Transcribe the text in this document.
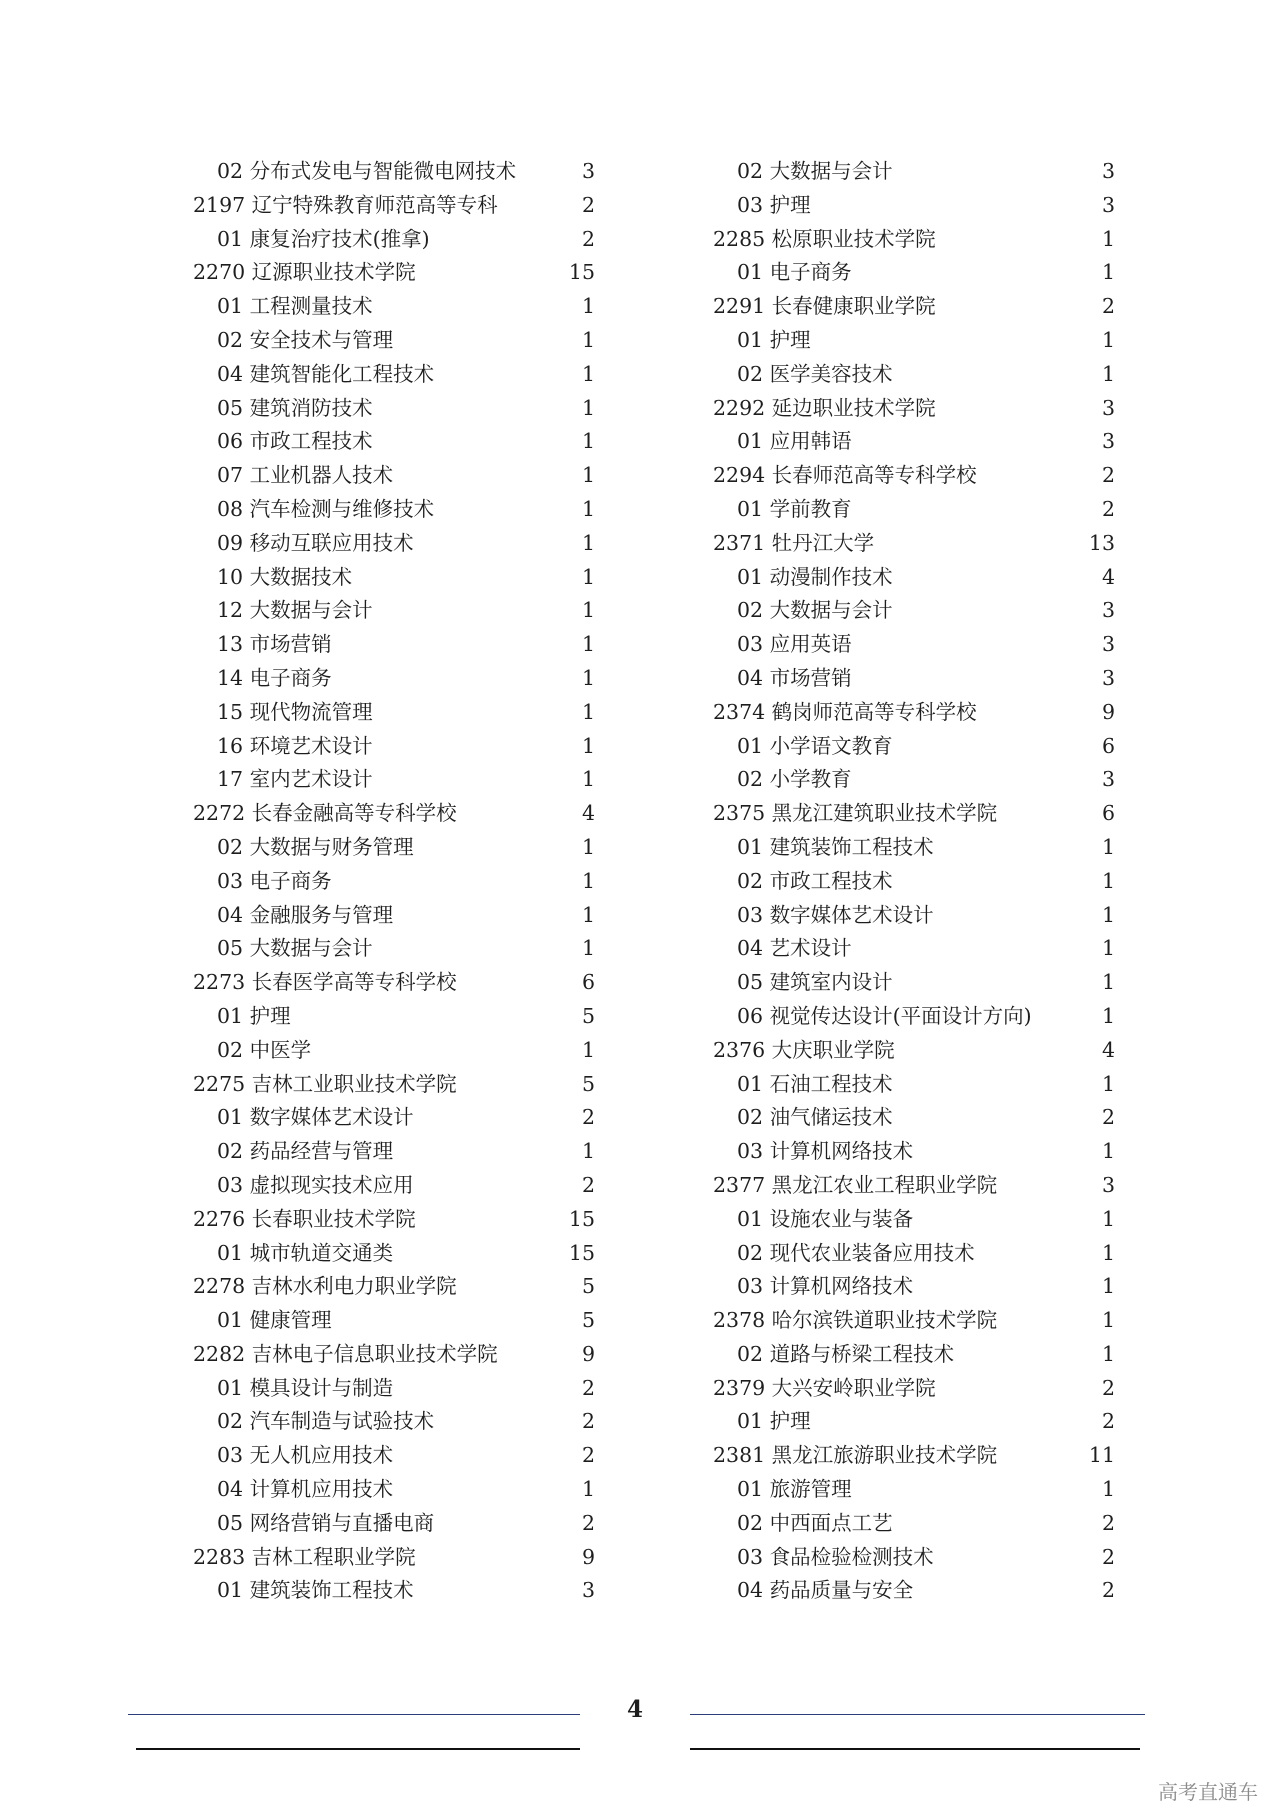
02 分布式发电与智能微电网技术	3
2197 辽宁特殊教育师范高等专科	2
01 康复治疗技术(推拿)	2
2270 辽源职业技术学院	15
01 工程测量技术	1
02 安全技术与管理	1
04 建筑智能化工程技术	1
05 建筑消防技术	1
06 市政工程技术	1
07 工业机器人技术	1
08 汽车检测与维修技术	1
09 移动互联应用技术	1
10 大数据技术	1
12 大数据与会计	1
13 市场营销	1
14 电子商务	1
15 现代物流管理	1
16 环境艺术设计	1
17 室内艺术设计	1
2272 长春金融高等专科学校	4
02 大数据与财务管理	1
03 电子商务	1
04 金融服务与管理	1
05 大数据与会计	1
2273 长春医学高等专科学校	6
01 护理	5
02 中医学	1
2275 吉林工业职业技术学院	5
01 数字媒体艺术设计	2
02 药品经营与管理	1
03 虚拟现实技术应用	2
2276 长春职业技术学院	15
01 城市轨道交通类	15
2278 吉林水利电力职业学院	5
01 健康管理	5
2282 吉林电子信息职业技术学院	9
01 模具设计与制造	2
02 汽车制造与试验技术	2
03 无人机应用技术	2
04 计算机应用技术	1
05 网络营销与直播电商	2
2283 吉林工程职业学院	9
01 建筑装饰工程技术	3
02 大数据与会计	3
03 护理	3
2285 松原职业技术学院	1
01 电子商务	1
2291 长春健康职业学院	2
01 护理	1
02 医学美容技术	1
2292 延边职业技术学院	3
01 应用韩语	3
2294 长春师范高等专科学校	2
01 学前教育	2
2371 牡丹江大学	13
01 动漫制作技术	4
02 大数据与会计	3
03 应用英语	3
04 市场营销	3
2374 鹤岗师范高等专科学校	9
01 小学语文教育	6
02 小学教育	3
2375 黑龙江建筑职业技术学院	6
01 建筑装饰工程技术	1
02 市政工程技术	1
03 数字媒体艺术设计	1
04 艺术设计	1
05 建筑室内设计	1
06 视觉传达设计(平面设计方向)	1
2376 大庆职业学院	4
01 石油工程技术	1
02 油气储运技术	2
03 计算机网络技术	1
2377 黑龙江农业工程职业学院	3
01 设施农业与装备	1
02 现代农业装备应用技术	1
03 计算机网络技术	1
2378 哈尔滨铁道职业技术学院	1
02 道路与桥梁工程技术	1
2379 大兴安岭职业学院	2
01 护理	2
2381 黑龙江旅游职业技术学院	11
01 旅游管理	1
02 中西面点工艺	2
03 食品检验检测技术	2
04 药品质量与安全	2
4
高考直通车
